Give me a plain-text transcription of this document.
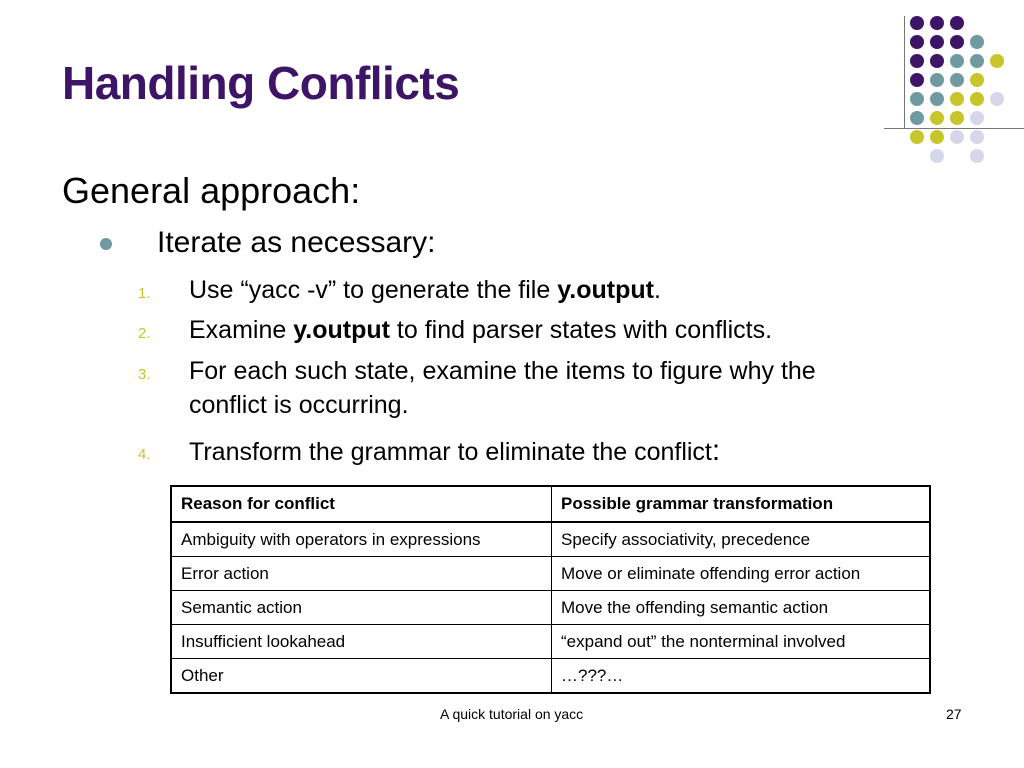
Handling Conflicts
General approach:
Iterate as necessary:
1. Use “yacc -v” to generate the file y.output.
2. Examine y.output to find parser states with conflicts.
3. For each such state, examine the items to figure why the
conflict is occurring.
4. Transform the grammar to eliminate the conflict:
Reason for conflict	Possible grammar transformation
Ambiguity with operators in expressions	Specify associativity, precedence
Error action	Move or eliminate offending error action
Semantic action	Move the offending semantic action
Insufficient lookahead	“expand out” the nonterminal involved
Other	…???…
A quick tutorial on yacc	27
